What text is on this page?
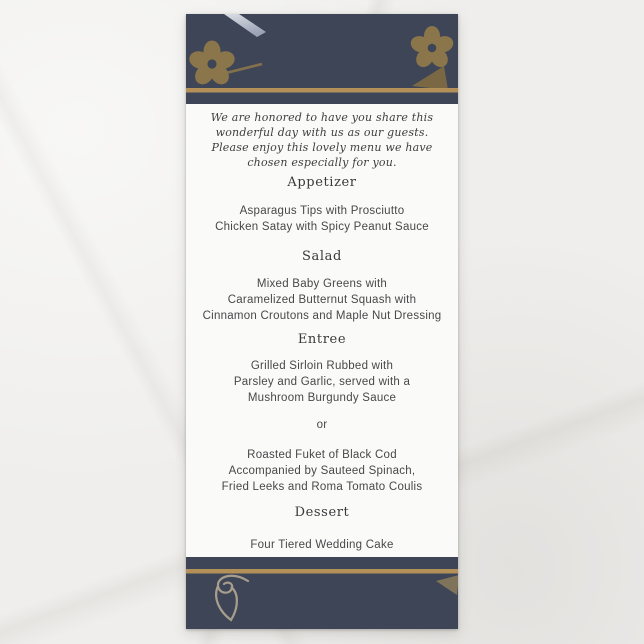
We are honored to have you share this
wonderful day with us as our guests.
Please enjoy this lovely menu we have
chosen especially for you.
Appetizer
Asparagus Tips with Prosciutto
Chicken Satay with Spicy Peanut Sauce
Salad
Mixed Baby Greens with
Caramelized Butternut Squash with
Cinnamon Croutons and Maple Nut Dressing
Entree
Grilled Sirloin Rubbed with
Parsley and Garlic, served with a
Mushroom Burgundy Sauce
or
Roasted Fuket of Black Cod
Accompanied by Sauteed Spinach,
Fried Leeks and Roma Tomato Coulis
Dessert
Four Tiered Wedding Cake
